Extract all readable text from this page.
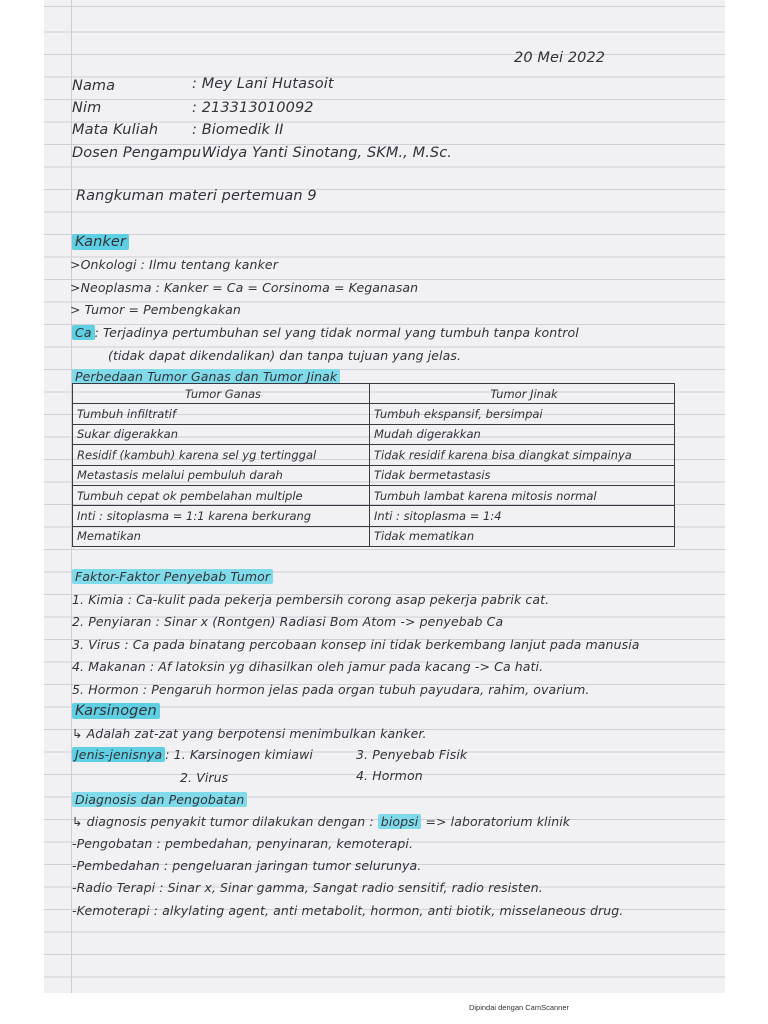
20 Mei 2022
Nama	: Mey Lani Hutasoit
Nim	: 213313010092
Mata Kuliah : Biomedik II
Dosen Pengampu
: Widya Yanti Sinotang, SKM., M.Sc.
Rangkuman materi pertemuan 9
Kanker
>Onkologi : Ilmu tentang kanker
>Neoplasma : Kanker = Ca = Corsinoma = Keganasan
> Tumor = Pembengkakan
Ca : Terjadinya pertumbuhan sel yang tidak normal yang tumbuh tanpa kontrol
(tidak dapat dikendalikan) dan tanpa tujuan yang jelas.
Perbedaan Tumor Ganas dan Tumor Jinak
Tumor Ganas	Tumor Jinak
Tumbuh infiltratif	Tumbuh ekspansif, bersimpai
Sukar digerakkan	Mudah digerakkan
Residif (kambuh) karena sel yg tertinggal	Tidak residif karena bisa diangkat simpainya
Metastasis melalui pembuluh darah	Tidak bermetastasis
Tumbuh cepat ok pembelahan multiple	Tumbuh lambat karena mitosis normal
Inti : sitoplasma = 1:1 karena berkurang	Inti : sitoplasma = 1:4
Mematikan	Tidak mematikan
Faktor-Faktor Penyebab Tumor
1. Kimia : Ca-kulit pada pekerja pembersih corong asap pekerja pabrik cat.
2. Penyiaran : Sinar x (Rontgen) Radiasi Bom Atom -> penyebab Ca
3. Virus : Ca pada binatang percobaan konsep ini tidak berkembang lanjut pada manusia
4. Makanan : Af latoksin yg dihasilkan oleh jamur pada kacang -> Ca hati.
5. Hormon : Pengaruh hormon jelas pada organ tubuh payudara, rahim, ovarium.
Karsinogen
↳ Adalah zat-zat yang berpotensi menimbulkan kanker.
Jenis-jenisnya : 1. Karsinogen kimiawi	3. Penyebab Fisik
2. Virus	4. Hormon
Diagnosis dan Pengobatan
↳ diagnosis penyakit tumor dilakukan dengan : biopsi => laboratorium klinik
-Pengobatan : pembedahan, penyinaran, kemoterapi.
-Pembedahan : pengeluaran jaringan tumor selurunya.
-Radio Terapi : Sinar x, Sinar gamma, Sangat radio sensitif, radio resisten.
-Kemoterapi : alkylating agent, anti metabolit, hormon, anti biotik, misselaneous drug.
Dipindai dengan CamScanner
